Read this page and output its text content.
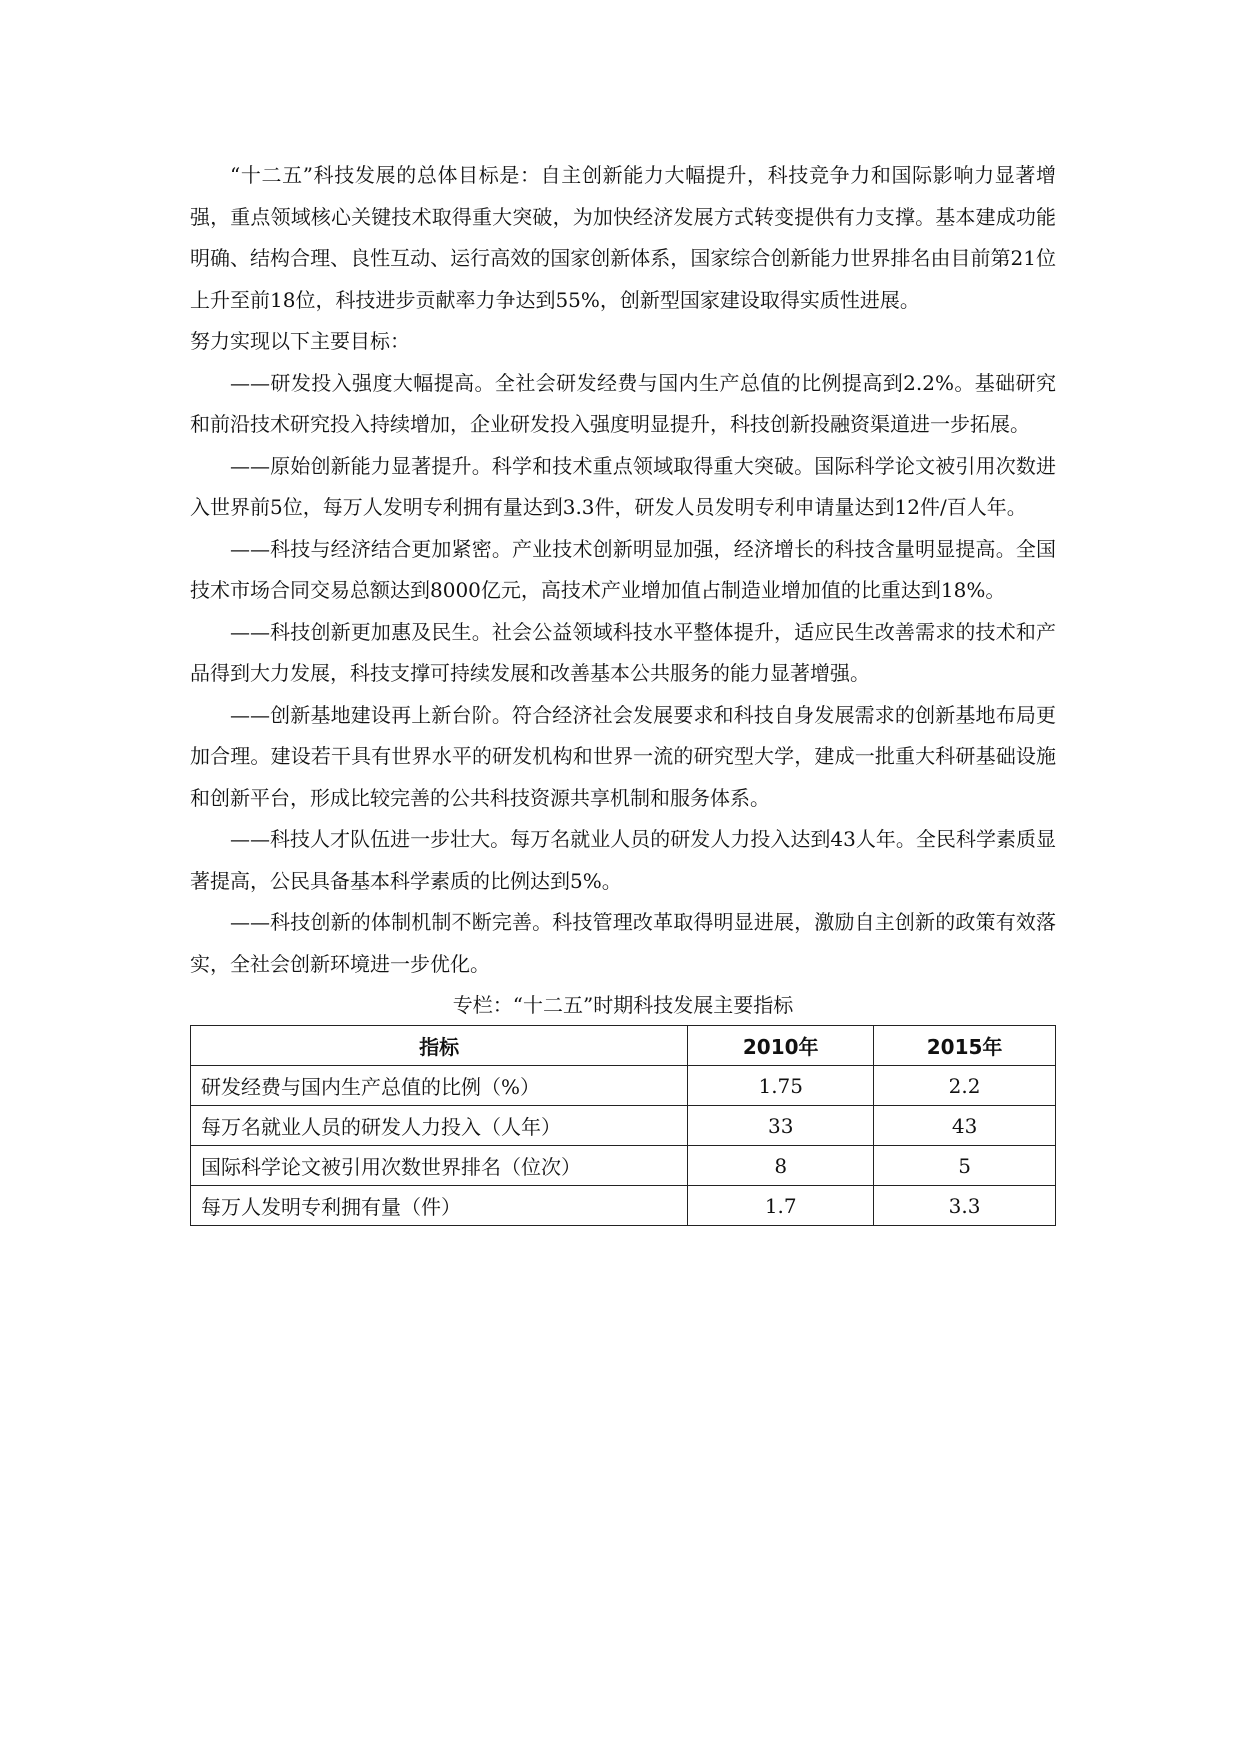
“十二五”科技发展的总体目标是：自主创新能力大幅提升，科技竞争力和国际影响力显著增强，重点领域核心关键技术取得重大突破，为加快经济发展方式转变提供有力支撑。基本建成功能明确、结构合理、良性互动、运行高效的国家创新体系，国家综合创新能力世界排名由目前第21位上升至前18位，科技进步贡献率力争达到55%，创新型国家建设取得实质性进展。

努力实现以下主要目标：

——研发投入强度大幅提高。全社会研发经费与国内生产总值的比例提高到2.2%。基础研究和前沿技术研究投入持续增加，企业研发投入强度明显提升，科技创新投融资渠道进一步拓展。

——原始创新能力显著提升。科学和技术重点领域取得重大突破。国际科学论文被引用次数进入世界前5位，每万人发明专利拥有量达到3.3件，研发人员发明专利申请量达到12件/百人年。

——科技与经济结合更加紧密。产业技术创新明显加强，经济增长的科技含量明显提高。全国技术市场合同交易总额达到8000亿元，高技术产业增加值占制造业增加值的比重达到18%。

——科技创新更加惠及民生。社会公益领域科技水平整体提升，适应民生改善需求的技术和产品得到大力发展，科技支撑可持续发展和改善基本公共服务的能力显著增强。

——创新基地建设再上新台阶。符合经济社会发展要求和科技自身发展需求的创新基地布局更加合理。建设若干具有世界水平的研发机构和世界一流的研究型大学，建成一批重大科研基础设施和创新平台，形成比较完善的公共科技资源共享机制和服务体系。

——科技人才队伍进一步壮大。每万名就业人员的研发人力投入达到43人年。全民科学素质显著提高，公民具备基本科学素质的比例达到5%。

——科技创新的体制机制不断完善。科技管理改革取得明显进展，激励自主创新的政策有效落实，全社会创新环境进一步优化。

专栏：“十二五”时期科技发展主要指标

指标	2010年	2015年
研发经费与国内生产总值的比例（%）	1.75	2.2
每万名就业人员的研发人力投入（人年）	33	43
国际科学论文被引用次数世界排名（位次）	8	5
每万人发明专利拥有量（件）	1.7	3.3
